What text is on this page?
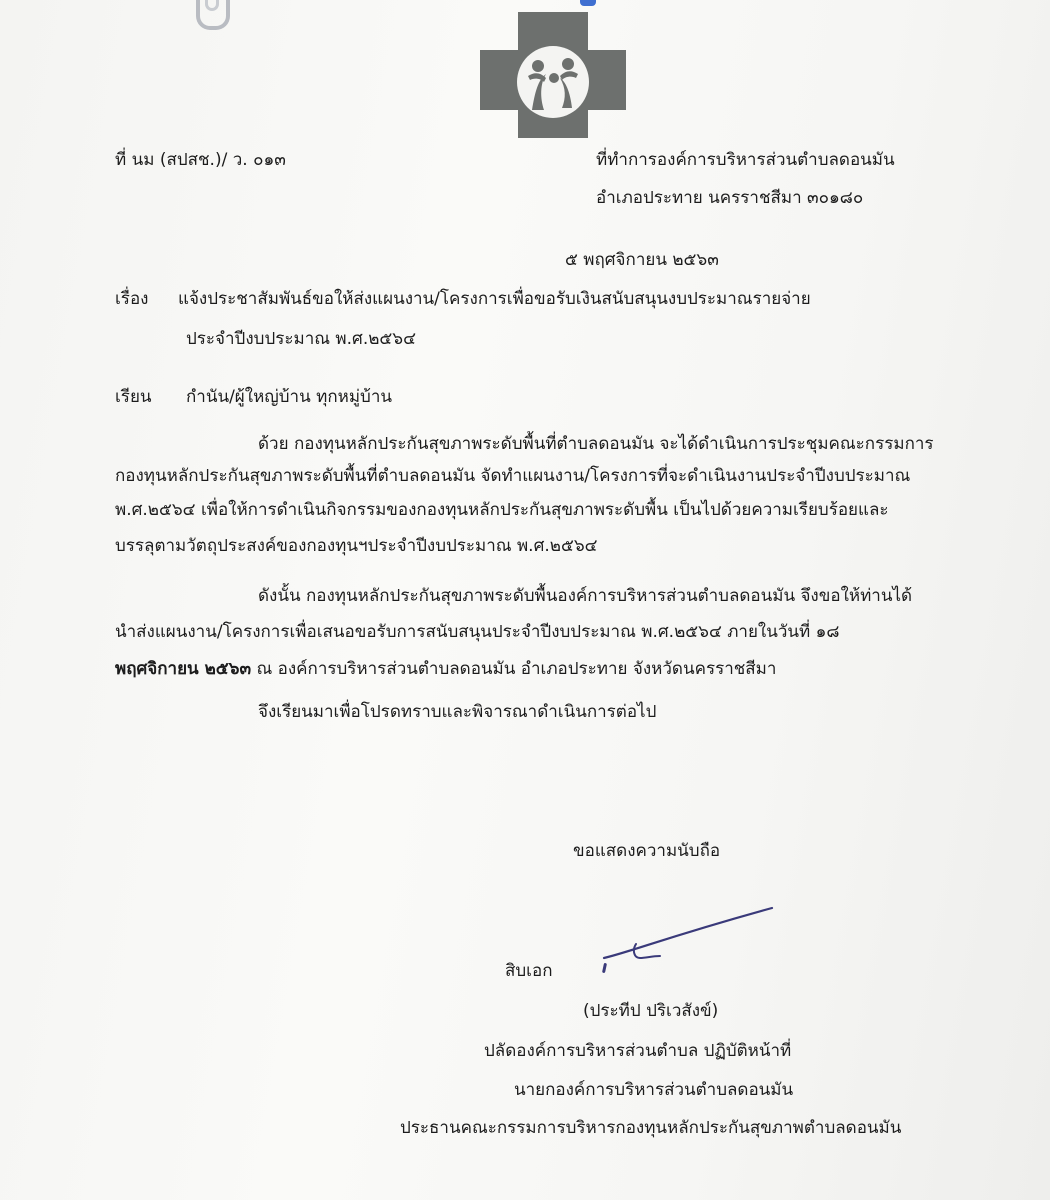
ที่ นม (สปสช.)/ ว. ๐๑๓	ที่ทำการองค์การบริหารส่วนตำบลดอนมัน
อำเภอประทาย นครราชสีมา ๓๐๑๘๐
๕ พฤศจิกายน ๒๕๖๓
เรื่อง แจ้งประชาสัมพันธ์ขอให้ส่งแผนงาน/โครงการเพื่อขอรับเงินสนับสนุนงบประมาณรายจ่าย
ประจำปีงบประมาณ พ.ศ.๒๕๖๔
เรียน กำนัน/ผู้ใหญ่บ้าน ทุกหมู่บ้าน
ด้วย กองทุนหลักประกันสุขภาพระดับพื้นที่ตำบลดอนมัน จะได้ดำเนินการประชุมคณะกรรมการ
กองทุนหลักประกันสุขภาพระดับพื้นที่ตำบลดอนมัน จัดทำแผนงาน/โครงการที่จะดำเนินงานประจำปีงบประมาณ
พ.ศ.๒๕๖๔ เพื่อให้การดำเนินกิจกรรมของกองทุนหลักประกันสุขภาพระดับพื้น เป็นไปด้วยความเรียบร้อยและ
บรรลุตามวัตถุประสงค์ของกองทุนฯประจำปีงบประมาณ พ.ศ.๒๕๖๔
ดังนั้น กองทุนหลักประกันสุขภาพระดับพื้นองค์การบริหารส่วนตำบลดอนมัน จึงขอให้ท่านได้
นำส่งแผนงาน/โครงการเพื่อเสนอขอรับการสนับสนุนประจำปีงบประมาณ พ.ศ.๒๕๖๔ ภายในวันที่ ๑๘
พฤศจิกายน ๒๕๖๓ ณ องค์การบริหารส่วนตำบลดอนมัน อำเภอประทาย จังหวัดนครราชสีมา
จึงเรียนมาเพื่อโปรดทราบและพิจารณาดำเนินการต่อไป
ขอแสดงความนับถือ
สิบเอก
(ประทีป ปริเวสังข์)
ปลัดองค์การบริหารส่วนตำบล ปฏิบัติหน้าที่
นายกองค์การบริหารส่วนตำบลดอนมัน
ประธานคณะกรรมการบริหารกองทุนหลักประกันสุขภาพตำบลดอนมัน
